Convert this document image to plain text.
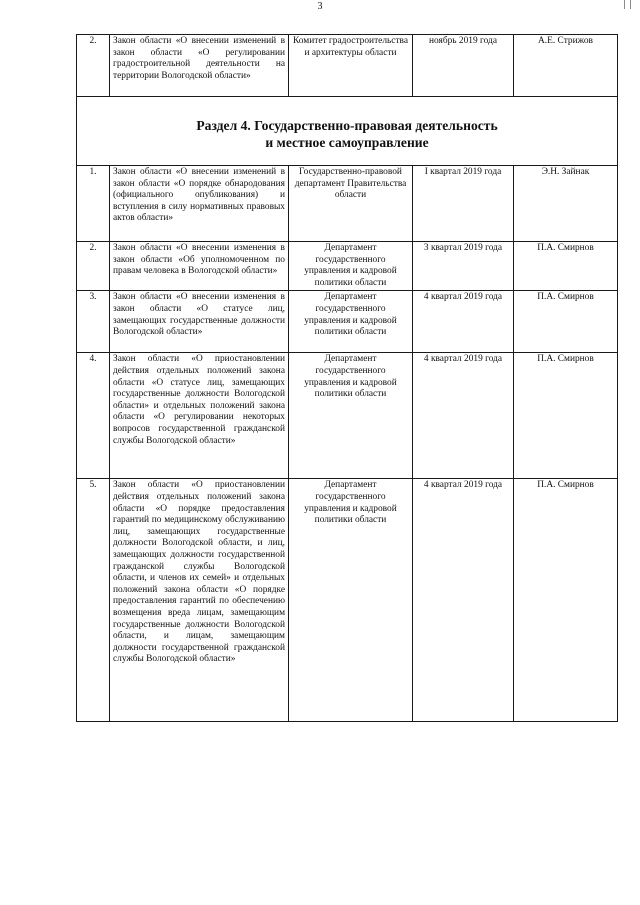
3	| |
2.	Закон области «О внесении изменений в закон области «О регулировании градостроительной деятельности на территории Вологодской области»	Комитет градостроительства и архитектуры области	ноябрь 2019 года	А.Е. Стрижов

Раздел 4. Государственно-правовая деятельность
и местное самоуправление				

1.	Закон области «О внесении изменений в закон области «О порядке обнародования (официального опубликования) и вступления в силу нормативных правовых актов области»	Государственно-правовой департамент Правительства области	I квартал 2019 года	Э.Н. Зайнак
2.	Закон области «О внесении изменения в закон области «Об уполномоченном по правам человека в Вологодской области»	Департамент государственного управления и кадровой политики области	3 квартал 2019 года	П.А. Смирнов
3.	Закон области «О внесении изменения в закон области «О статусе лиц, замещающих государственные должности Вологодской области»	Департамент государственного управления и кадровой политики области	4 квартал 2019 года	П.А. Смирнов
4.	Закон области «О приостановлении действия отдельных положений закона области «О статусе лиц, замещающих государственные должности Вологодской области» и отдельных положений закона области «О регулировании некоторых вопросов государственной гражданской службы Вологодской области»	Департамент государственного управления и кадровой политики области	4 квартал 2019 года	П.А. Смирнов
5.	Закон области «О приостановлении действия отдельных положений закона области «О порядке предоставления гарантий по медицинскому обслуживанию лиц, замещающих государственные должности Вологодской области, и лиц, замещающих должности государственной гражданской службы Вологодской области, и членов их семей» и отдельных положений закона области «О порядке предоставления гарантий по обеспечению возмещения вреда лицам, замещающим государственные должности Вологодской области, и лицам, замещающим должности государственной гражданской службы Вологодской области»	Департамент государственного управления и кадровой политики области	4 квартал 2019 года	П.А. Смирнов
